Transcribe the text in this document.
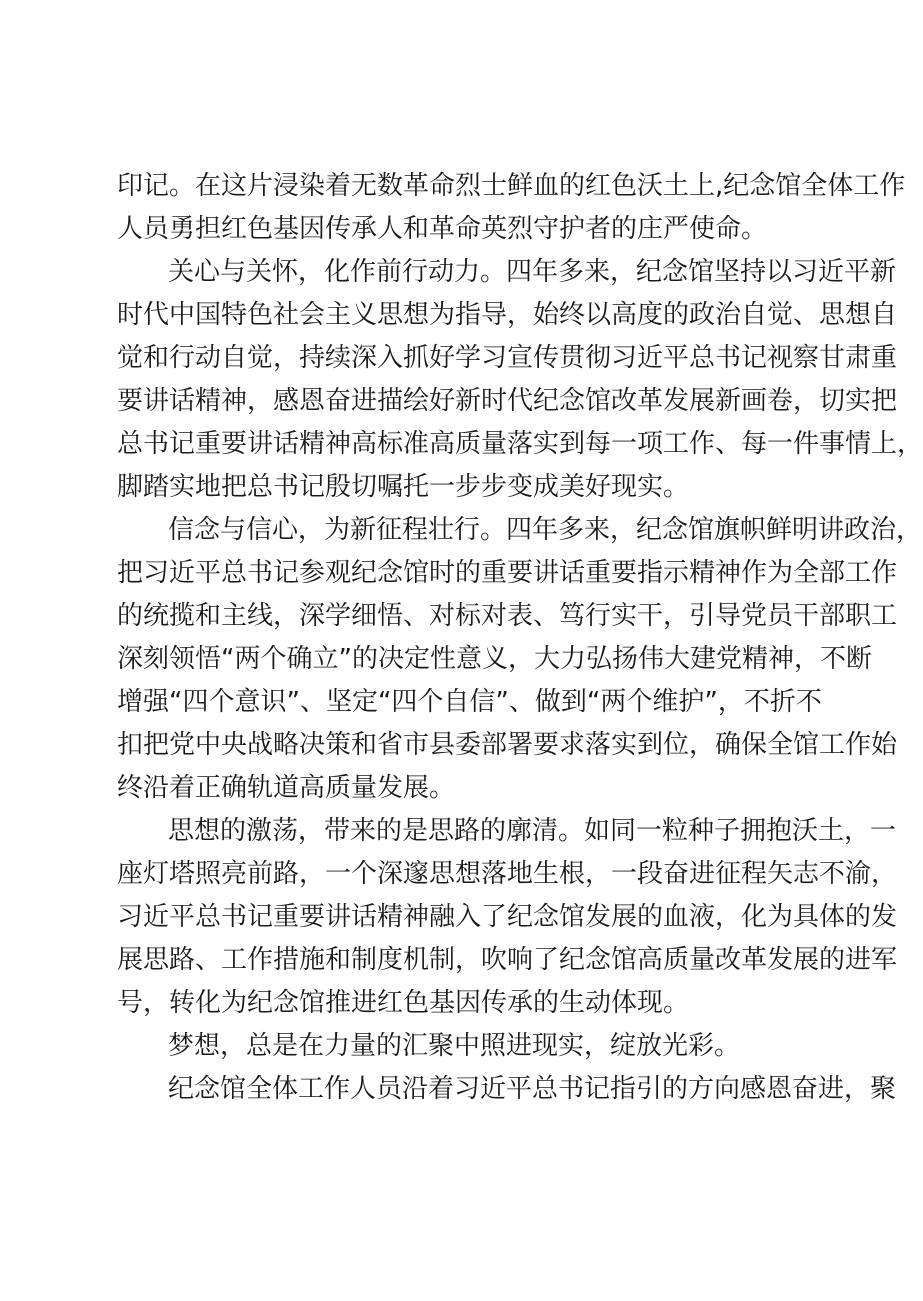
印记。在这片浸染着无数革命烈士鲜血的红色沃土上,纪念馆全体工作
人员勇担红色基因传承人和革命英烈守护者的庄严使命。
关心与关怀，化作前行动力。四年多来，纪念馆坚持以习近平新
时代中国特色社会主义思想为指导，始终以高度的政治自觉、思想自
觉和行动自觉，持续深入抓好学习宣传贯彻习近平总书记视察甘肃重
要讲话精神，感恩奋进描绘好新时代纪念馆改革发展新画卷，切实把
总书记重要讲话精神高标准高质量落实到每一项工作、每一件事情上，
脚踏实地把总书记殷切嘱托一步步变成美好现实。
信念与信心，为新征程壮行。四年多来，纪念馆旗帜鲜明讲政治，
把习近平总书记参观纪念馆时的重要讲话重要指示精神作为全部工作
的统揽和主线，深学细悟、对标对表、笃行实干，引导党员干部职工
深刻领悟“两个确立”的决定性意义，大力弘扬伟大建党精神，不断
增强“四个意识”、坚定“四个自信”、做到“两个维护”，不折不
扣把党中央战略决策和省市县委部署要求落实到位，确保全馆工作始
终沿着正确轨道高质量发展。
思想的激荡，带来的是思路的廓清。如同一粒种子拥抱沃土，一
座灯塔照亮前路，一个深邃思想落地生根，一段奋进征程矢志不渝，
习近平总书记重要讲话精神融入了纪念馆发展的血液，化为具体的发
展思路、工作措施和制度机制，吹响了纪念馆高质量改革发展的进军
号，转化为纪念馆推进红色基因传承的生动体现。
梦想，总是在力量的汇聚中照进现实，绽放光彩。
纪念馆全体工作人员沿着习近平总书记指引的方向感恩奋进，聚
